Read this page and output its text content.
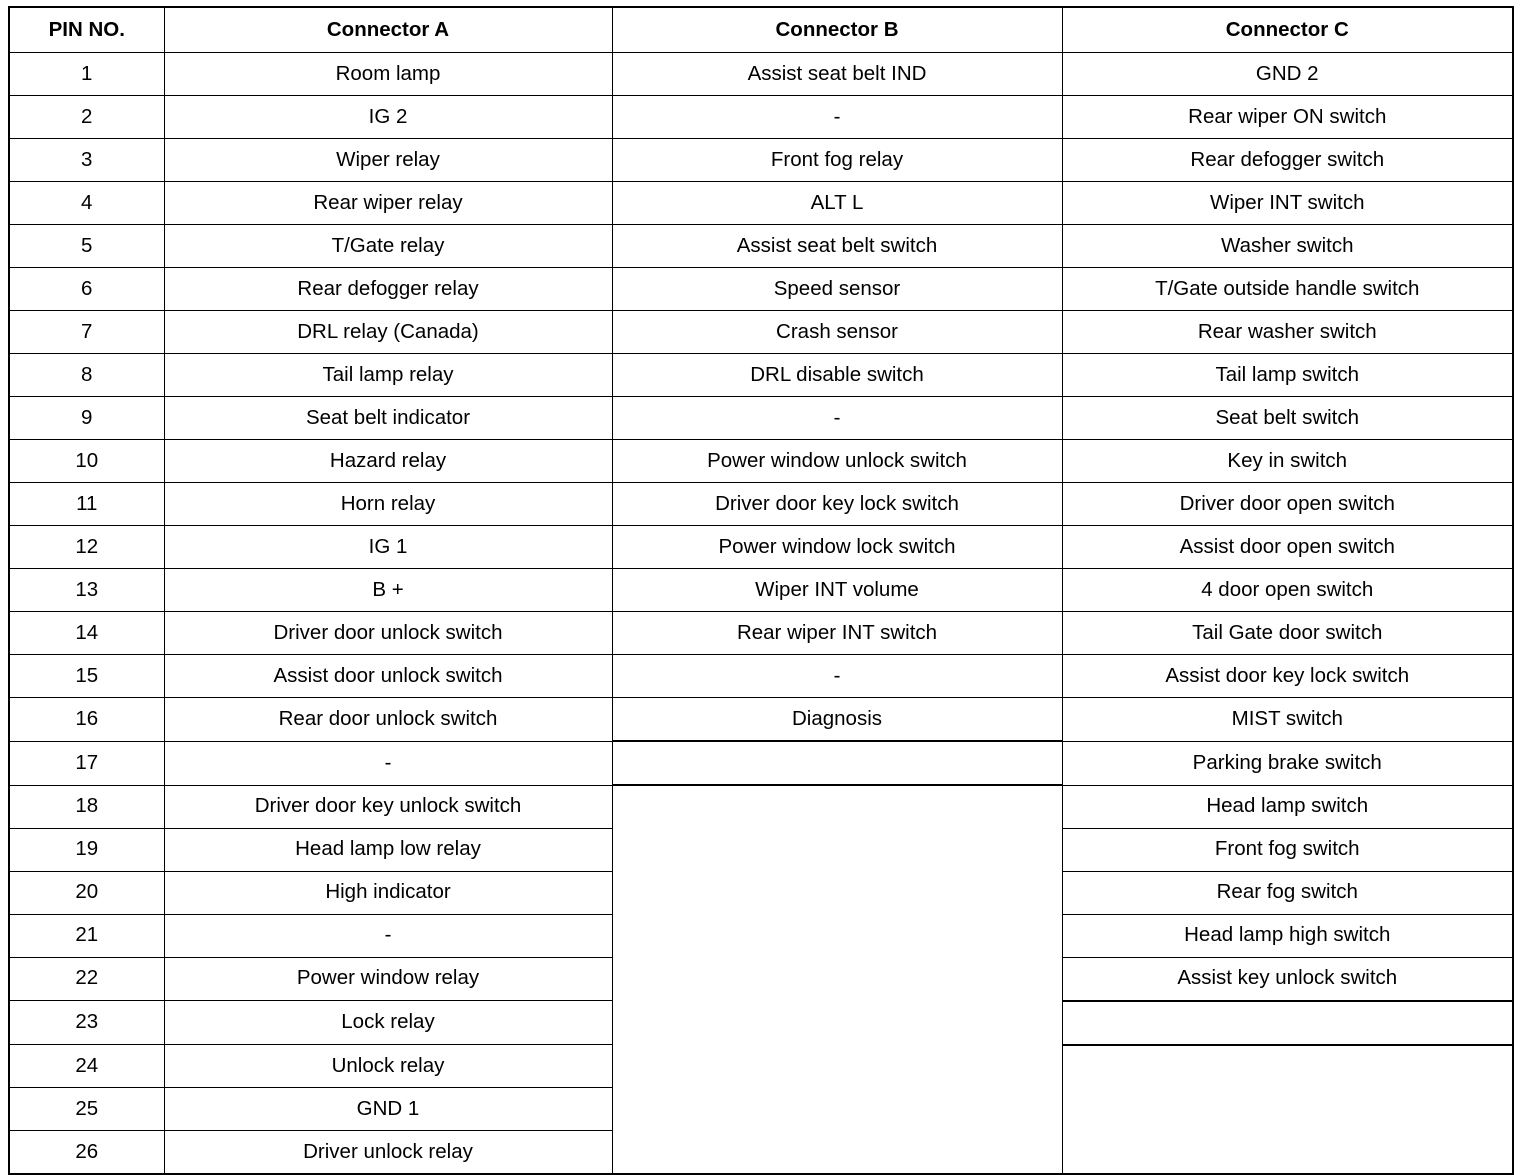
PIN NO.	Connector A	Connector B	Connector C
1	Room lamp	Assist seat belt IND	GND 2
2	IG 2	-	Rear wiper ON switch
3	Wiper relay	Front fog relay	Rear defogger switch
4	Rear wiper relay	ALT L	Wiper INT switch
5	T/Gate relay	Assist seat belt switch	Washer switch
6	Rear defogger relay	Speed sensor	T/Gate outside handle switch
7	DRL relay (Canada)	Crash sensor	Rear washer switch
8	Tail lamp relay	DRL disable switch	Tail lamp switch
9	Seat belt indicator	-	Seat belt switch
10	Hazard relay	Power window unlock switch	Key in switch
11	Horn relay	Driver door key lock switch	Driver door open switch
12	IG 1	Power window lock switch	Assist door open switch
13	B +	Wiper INT volume	4 door open switch
14	Driver door unlock switch	Rear wiper INT switch	Tail Gate door switch
15	Assist door unlock switch	-	Assist door key lock switch
16	Rear door unlock switch	Diagnosis	MIST switch
17	-		Parking brake switch
18	Driver door key unlock switch		Head lamp switch
19	Head lamp low relay		Front fog switch
20	High indicator		Rear fog switch
21	-		Head lamp high switch
22	Power window relay		Assist key unlock switch
23	Lock relay		
24	Unlock relay		
25	GND 1		
26	Driver unlock relay		
